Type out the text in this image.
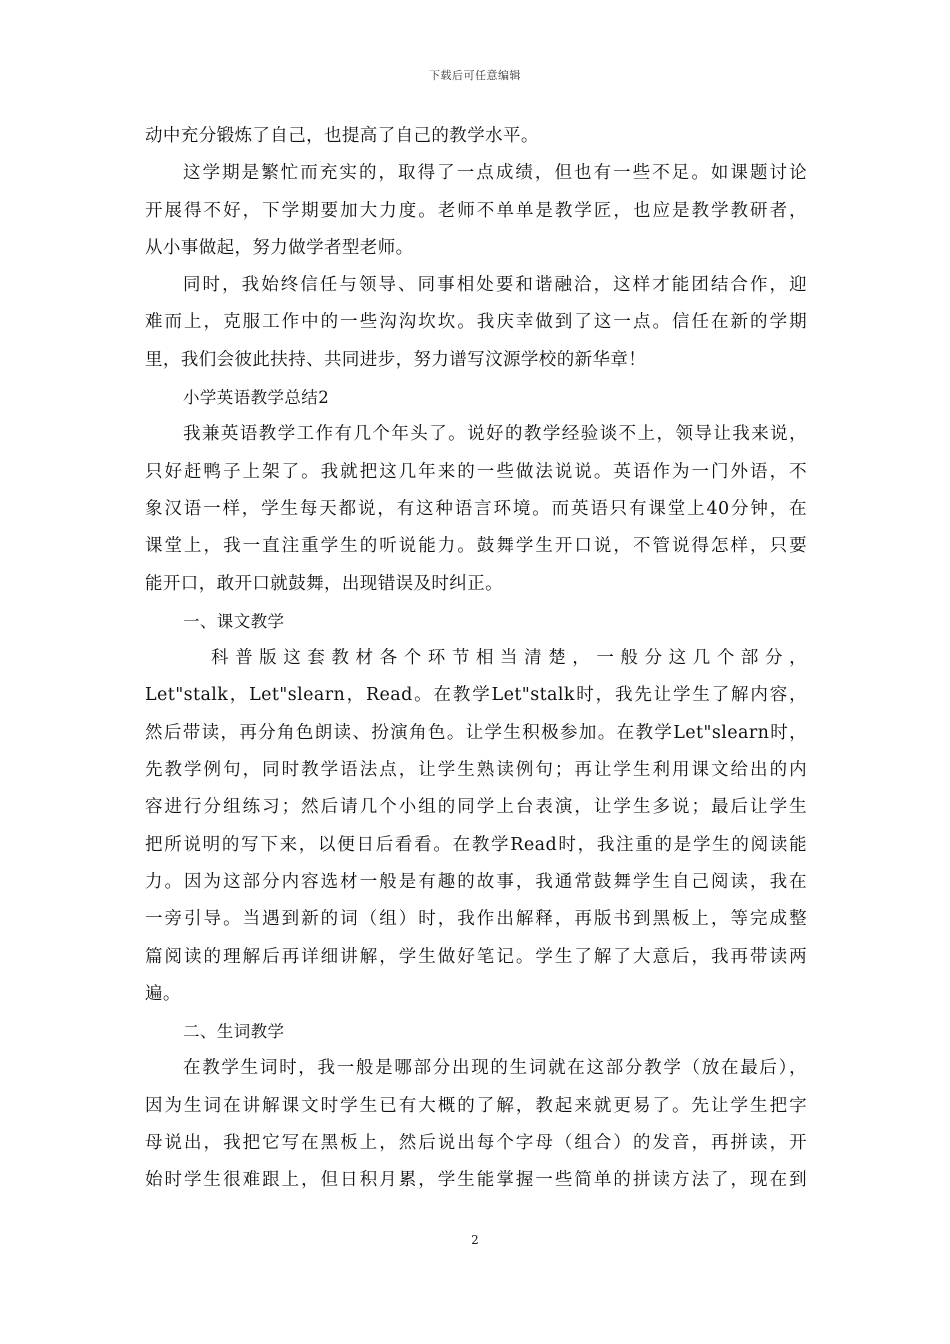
下载后可任意编辑
动中充分锻炼了自己，也提高了自己的教学水平。
这学期是繁忙而充实的，取得了一点成绩，但也有一些不足。如课题讨论
开展得不好，下学期要加大力度。老师不单单是教学匠，也应是教学教研者，
从小事做起，努力做学者型老师。
同时，我始终信任与领导、同事相处要和谐融洽，这样才能团结合作，迎
难而上，克服工作中的一些沟沟坎坎。我庆幸做到了这一点。信任在新的学期
里，我们会彼此扶持、共同进步，努力谱写汶源学校的新华章！
小学英语教学总结2
我兼英语教学工作有几个年头了。说好的教学经验谈不上，领导让我来说，
只好赶鸭子上架了。我就把这几年来的一些做法说说。英语作为一门外语，不
象汉语一样，学生每天都说，有这种语言环境。而英语只有课堂上40分钟，在
课堂上，我一直注重学生的听说能力。鼓舞学生开口说，不管说得怎样，只要
能开口，敢开口就鼓舞，出现错误及时纠正。
一、课文教学
科普版这套教材各个环节相当清楚，一般分这几个部分，
Let"stalk，Let"slearn，Read。在教学Let"stalk时，我先让学生了解内容，
然后带读，再分角色朗读、扮演角色。让学生积极参加。在教学Let"slearn时，
先教学例句，同时教学语法点，让学生熟读例句；再让学生利用课文给出的内
容进行分组练习；然后请几个小组的同学上台表演，让学生多说；最后让学生
把所说明的写下来，以便日后看看。在教学Read时，我注重的是学生的阅读能
力。因为这部分内容选材一般是有趣的故事，我通常鼓舞学生自己阅读，我在
一旁引导。当遇到新的词（组）时，我作出解释，再版书到黑板上，等完成整
篇阅读的理解后再详细讲解，学生做好笔记。学生了解了大意后，我再带读两
遍。
二、生词教学
在教学生词时，我一般是哪部分出现的生词就在这部分教学（放在最后），
因为生词在讲解课文时学生已有大概的了解，教起来就更易了。先让学生把字
母说出，我把它写在黑板上，然后说出每个字母（组合）的发音，再拼读，开
始时学生很难跟上，但日积月累，学生能掌握一些简单的拼读方法了，现在到
2
